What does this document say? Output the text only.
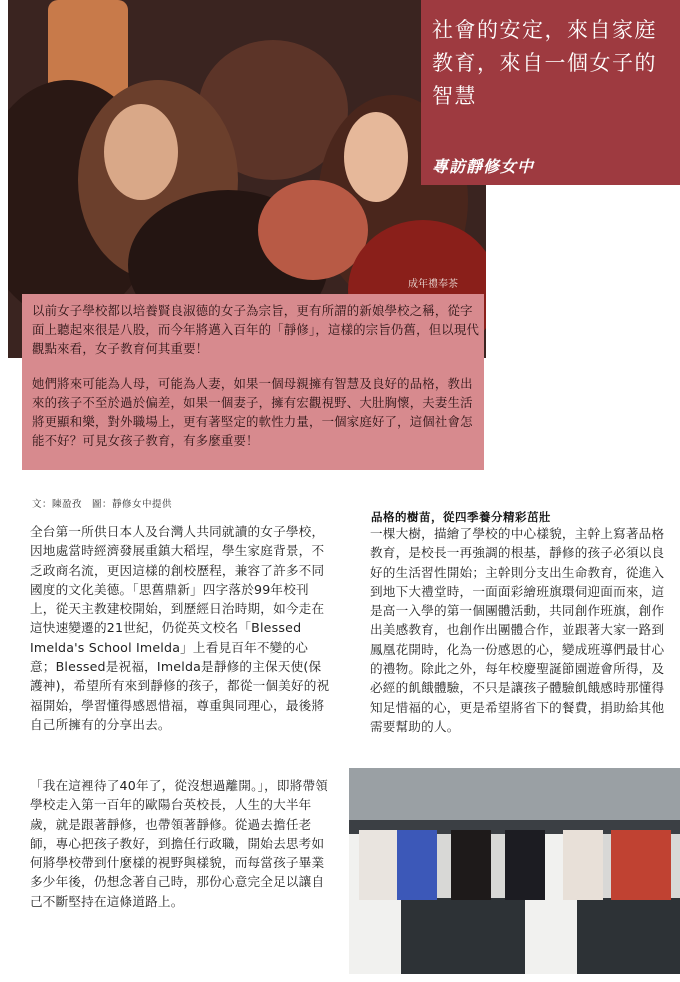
成年禮奉茶
社會的安定，來自家庭教育，來自一個女子的智慧
專訪靜修女中
以前女子學校都以培養賢良淑德的女子為宗旨，更有所謂的新娘學校之稱，從字面上聽起來很是八股，而今年將邁入百年的「靜修」，這樣的宗旨仍舊，但以現代觀點來看，女子教育何其重要！
她們將來可能為人母，可能為人妻，如果一個母親擁有智慧及良好的品格，教出來的孩子不至於過於偏差，如果一個妻子，擁有宏觀視野、大肚胸懷，夫妻生活將更顯和樂，對外職場上，更有著堅定的軟性力量，一個家庭好了，這個社會怎能不好？可見女孩子教育，有多麼重要！
文：陳盈孜　圖：靜修女中提供
全台第一所供日本人及台灣人共同就讀的女子學校，因地處當時經濟發展重鎮大稻埕，學生家庭背景，不乏政商名流，更因這樣的創校歷程，兼容了許多不同國度的文化美德。「思舊鼎新」四字落於99年校刊上，從天主教建校開始，到歷經日治時期，如今走在這快速變遷的21世紀，仍從英文校名「Blessed Imelda's School Imelda」上看見百年不變的心意；Blessed是祝福，Imelda是靜修的主保天使(保護神)，希望所有來到靜修的孩子，都從一個美好的祝福開始，學習懂得感恩惜福，尊重與同理心，最後將自己所擁有的分享出去。
「我在這裡待了40年了，從沒想過離開。」，即將帶領學校走入第一百年的歐陽台英校長，人生的大半年歲，就是跟著靜修，也帶領著靜修。從過去擔任老師，專心把孩子教好，到擔任行政職，開始去思考如何將學校帶到什麼樣的視野與樣貌，而每當孩子畢業多少年後，仍想念著自己時，那份心意完全足以讓自己不斷堅持在這條道路上。
品格的樹苗，從四季養分精彩茁壯
一棵大樹，描繪了學校的中心樣貌，主幹上寫著品格教育，是校長一再強調的根基，靜修的孩子必須以良好的生活習性開始；主幹則分支出生命教育，從進入到地下大禮堂時，一面面彩繪班旗環伺迎面而來，這是高一入學的第一個團體活動，共同創作班旗，創作出美感教育，也創作出團體合作，並跟著大家一路到鳳凰花開時，化為一份感恩的心，變成班導們最甘心的禮物。除此之外，每年校慶聖誕節園遊會所得，及必經的飢餓體驗，不只是讓孩子體驗飢餓感時那懂得知足惜福的心，更是希望將省下的餐費，捐助給其他需要幫助的人。
